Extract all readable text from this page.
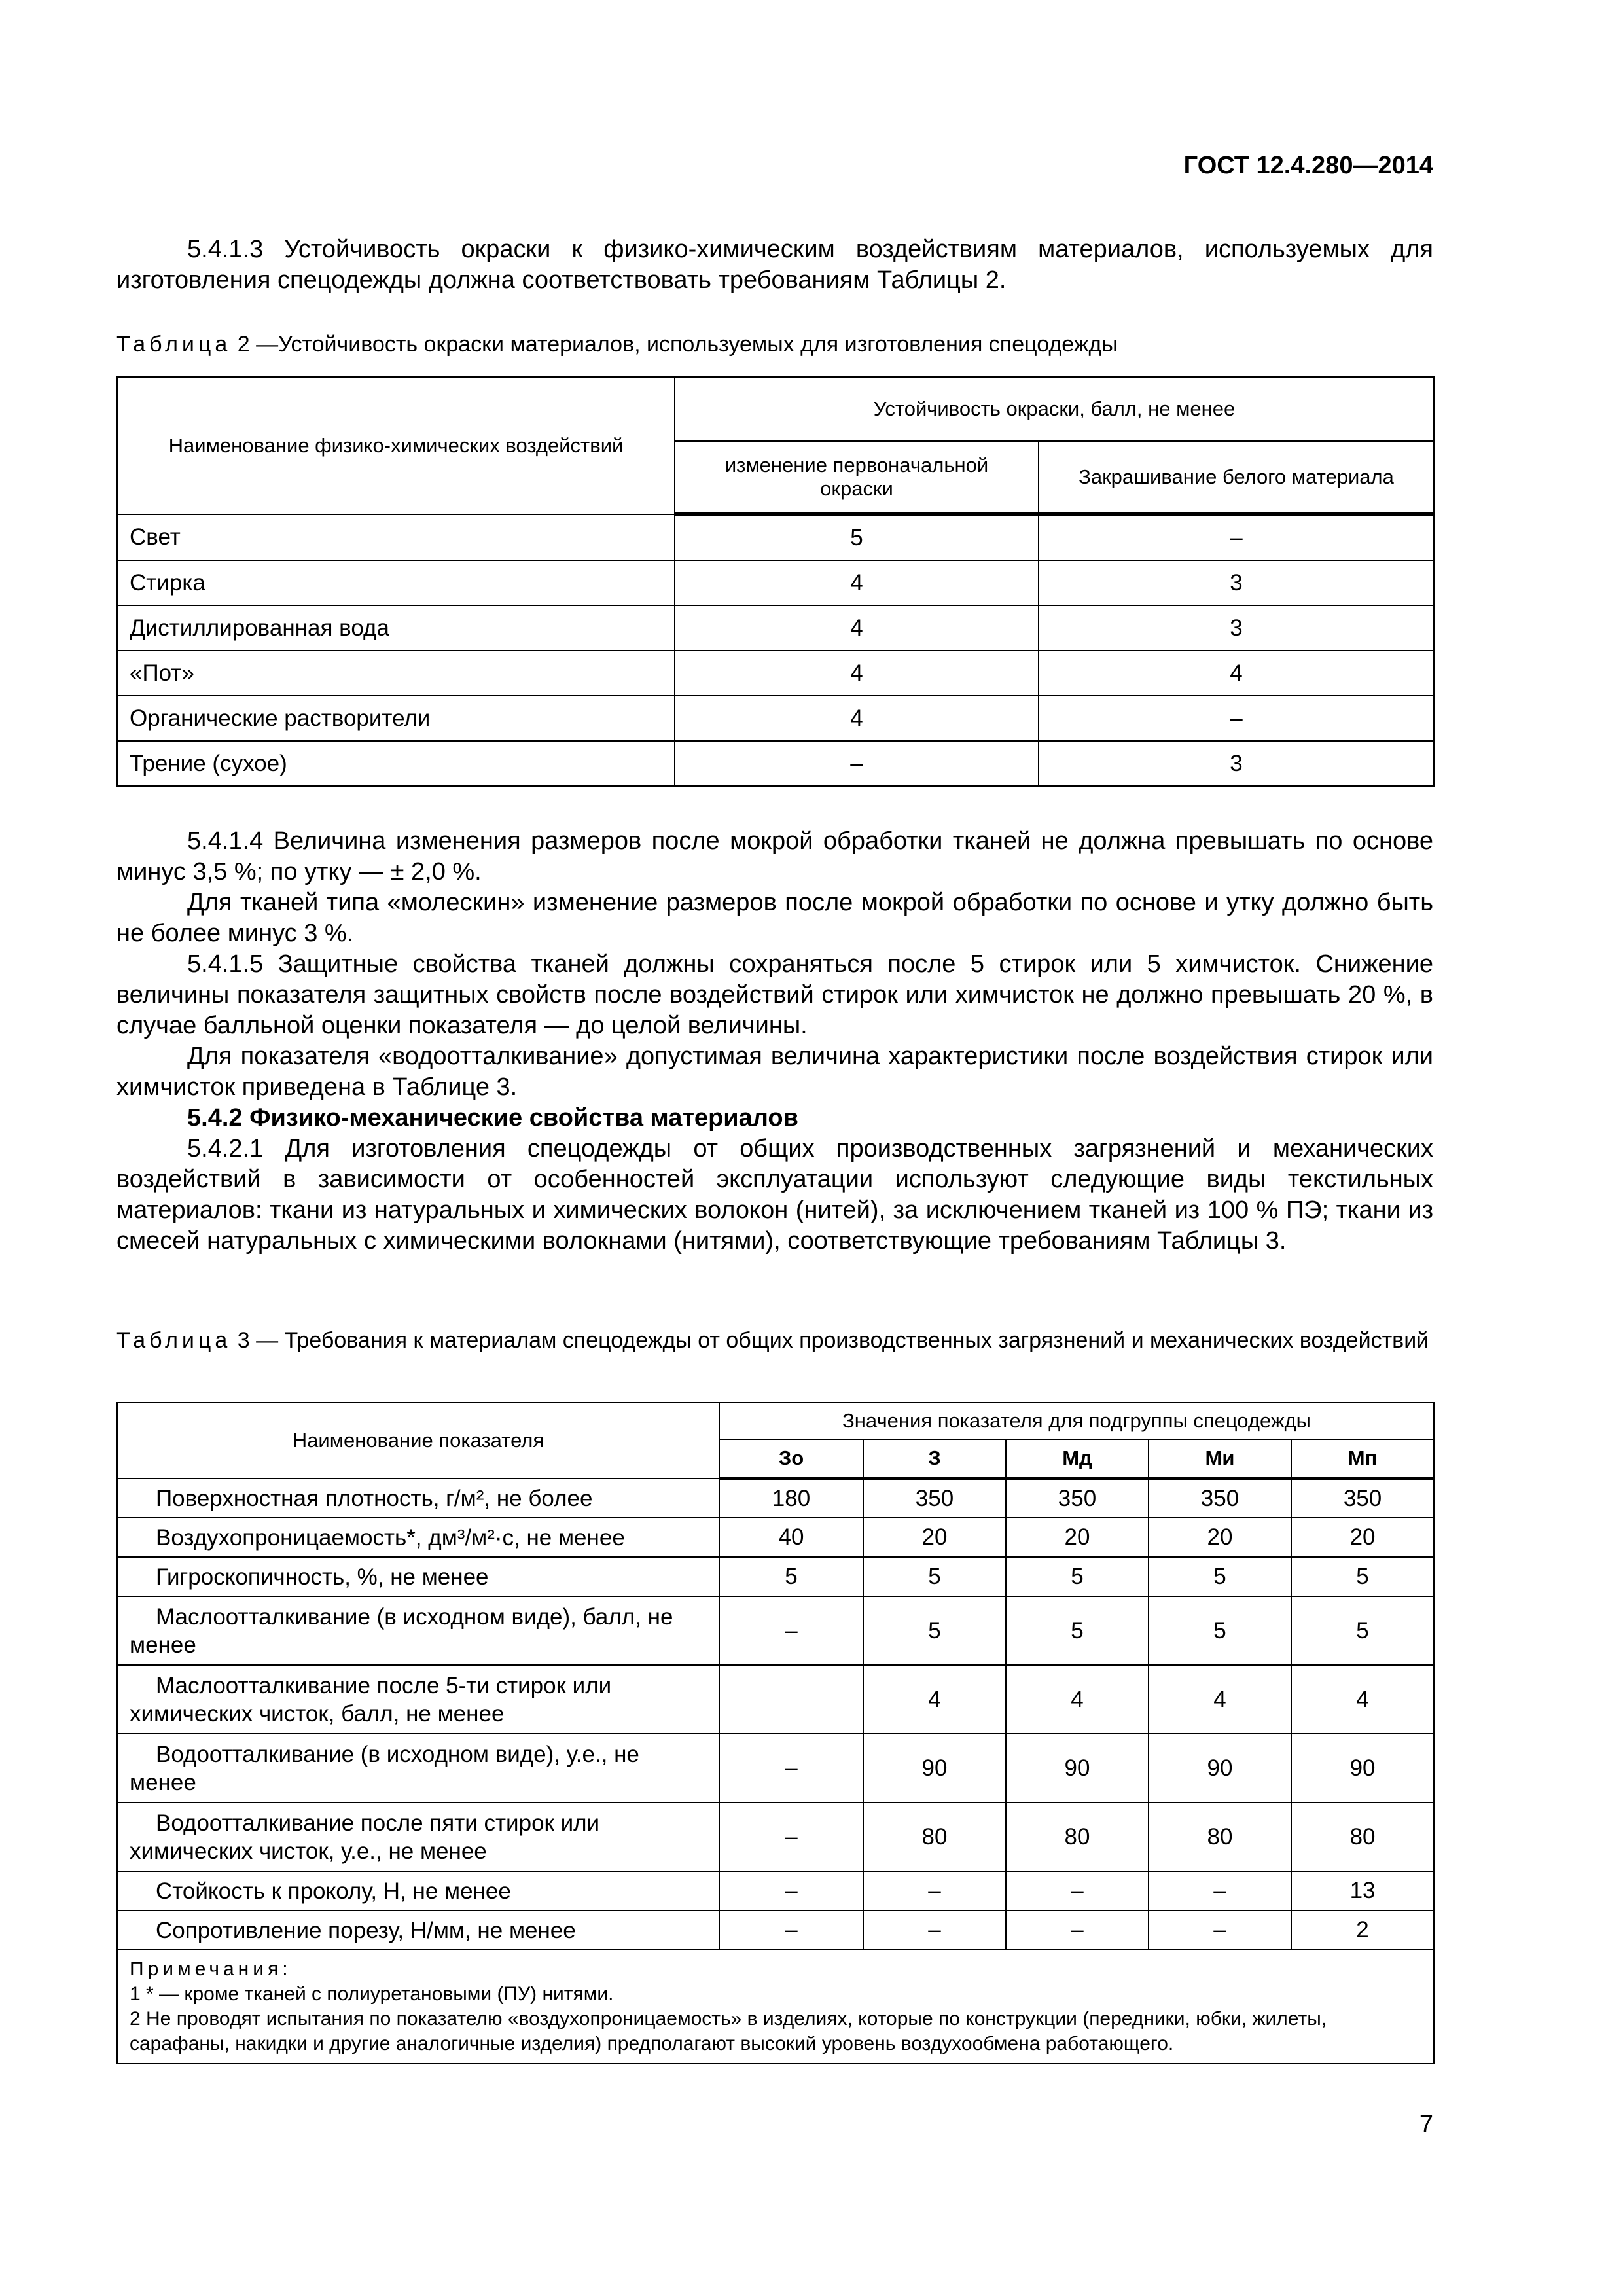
ГОСТ 12.4.280—2014

5.4.1.3 Устойчивость окраски к физико-химическим воздействиям материалов, используемых для изготовления спецодежды должна соответствовать требованиям Таблицы 2.

Таблица 2 —Устойчивость окраски материалов, используемых для изготовления спецодежды

Наименование физико-химических воздействий	Устойчивость окраски, балл, не менее	
	изменение первоначальной окраски	Закрашивание белого материала
Свет	5	–
Стирка	4	3
Дистиллированная вода	4	3
«Пот»	4	4
Органические растворители	4	–
Трение (сухое)	–	3

5.4.1.4 Величина изменения размеров после мокрой обработки тканей не должна превышать по основе минус 3,5 %; по утку — ± 2,0 %.

Для тканей типа «молескин» изменение размеров после мокрой обработки по основе и утку должно быть не более минус 3 %.

5.4.1.5 Защитные свойства тканей должны сохраняться после 5 стирок или 5 химчисток. Снижение величины показателя защитных свойств после воздействий стирок или химчисток не должно превышать 20 %, в случае балльной оценки показателя — до целой величины.

Для показателя «водоотталкивание» допустимая величина характеристики после воздействия стирок или химчисток приведена в Таблице 3.

5.4.2 Физико-механические свойства материалов

5.4.2.1 Для изготовления спецодежды от общих производственных загрязнений и механических воздействий в зависимости от особенностей эксплуатации используют следующие виды текстильных материалов: ткани из натуральных и химических волокон (нитей), за исключением тканей из 100 % ПЭ; ткани из смесей натуральных с химическими волокнами (нитями), соответствующие требованиям Таблицы 3.

Таблица 3 — Требования к материалам спецодежды от общих производственных загрязнений и механических воздействий

Наименование показателя	Значения показателя для подгруппы спецодежды				
	Зо	З	Мд	Ми	Мп
Поверхностная плотность, г/м², не более	180	350	350	350	350
Воздухопроницаемость*, дм³/м²·с, не менее	40	20	20	20	20
Гигроскопичность, %, не менее	5	5	5	5	5
Маслоотталкивание (в исходном виде), балл, не менее	–	5	5	5	5
Маслоотталкивание после 5-ти стирок или химических чисток, балл, не менее		4	4	4	4
Водоотталкивание (в исходном виде), у.е., не менее	–	90	90	90	90
Водоотталкивание после пяти стирок или химических чисток, у.е., не менее	–	80	80	80	80
Стойкость к проколу, Н, не менее	–	–	–	–	13
Сопротивление порезу, Н/мм, не менее	–	–	–	–	2

Примечания:
1 * — кроме тканей с полиуретановыми (ПУ) нитями.
2 Не проводят испытания по показателю «воздухопроницаемость» в изделиях, которые по конструкции (передники, юбки, жилеты, сарафаны, накидки и другие аналогичные изделия) предполагают высокий уровень воздухообмена работающего.					
7
